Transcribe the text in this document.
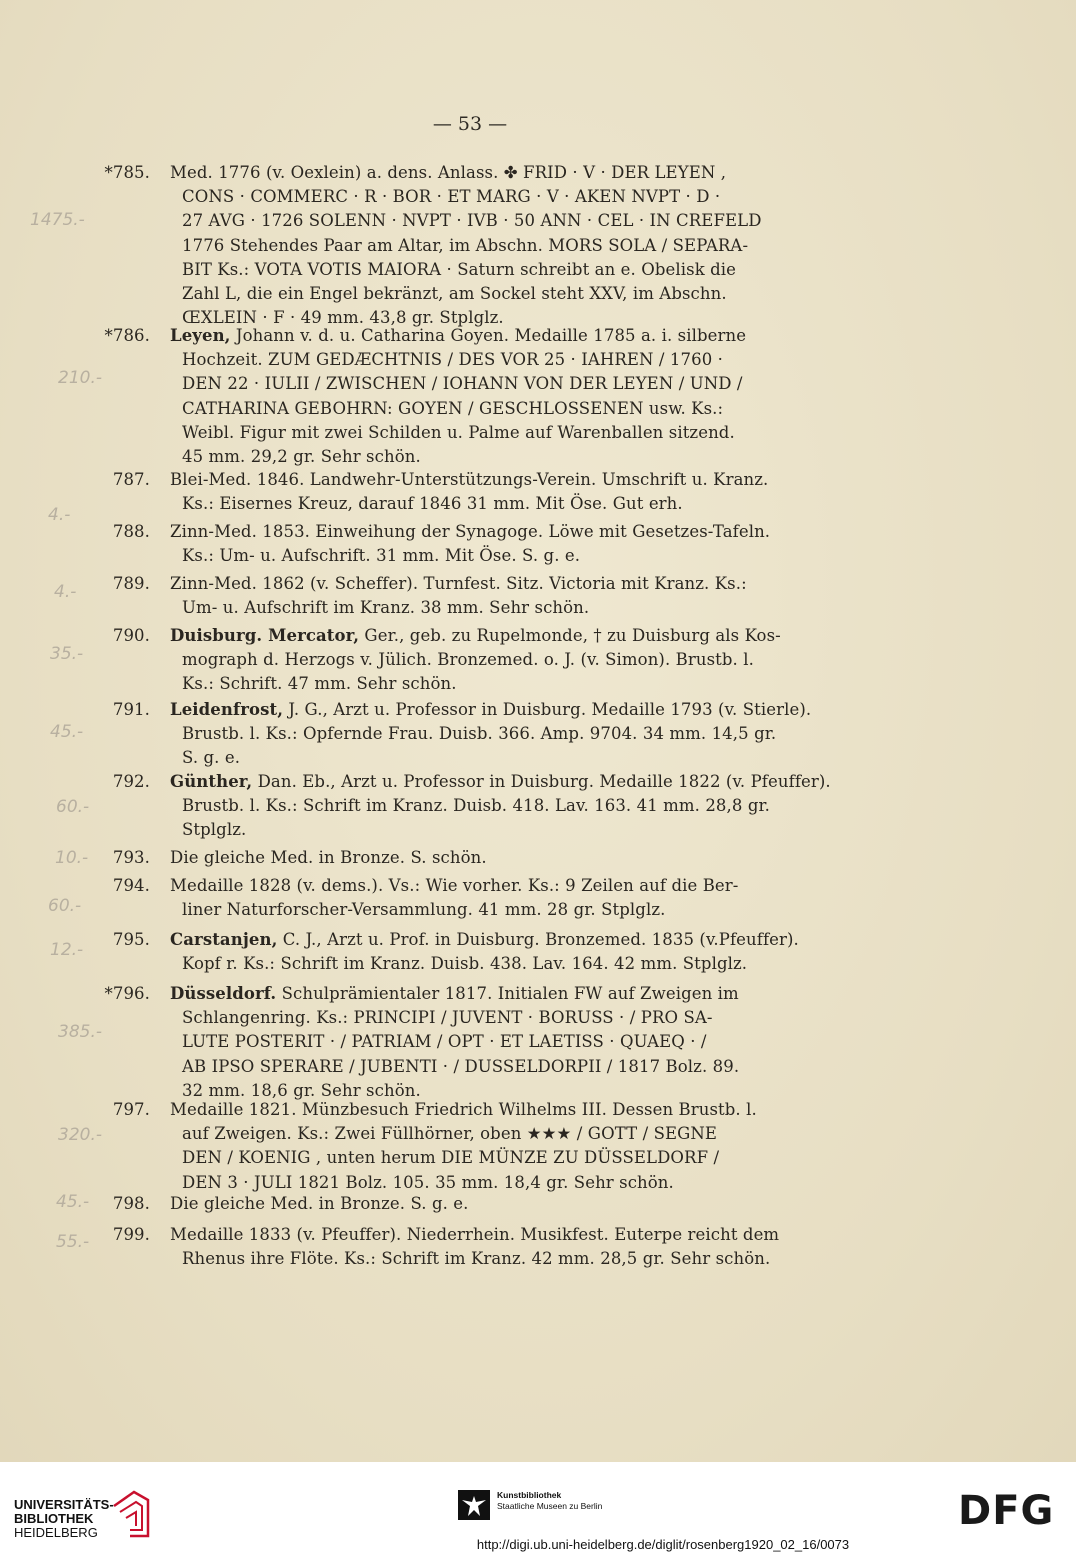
— 53 —
*785. Med. 1776 (v. Oexlein) a. dens. Anlass. ✤ FRID · V · DER LEYEN ,
CONS · COMMERC · R · BOR · ET MARG · V · AKEN NVPT · D ·
27 AVG · 1726 SOLENN · NVPT · IVB · 50 ANN · CEL · IN CREFELD
1776 Stehendes Paar am Altar, im Abschn. MORS SOLA / SEPARA-
BIT Ks.: VOTA VOTIS MAIORA · Saturn schreibt an e. Obelisk die
Zahl L, die ein Engel bekränzt, am Sockel steht XXV, im Abschn.
ŒXLEIN · F · 49 mm. 43,8 gr. Stplglz.
*786. Leyen, Johann v. d. u. Catharina Goyen. Medaille 1785 a. i. silberne
Hochzeit. ZUM GEDÆCHTNIS / DES VOR 25 · IAHREN / 1760 ·
DEN 22 · IULII / ZWISCHEN / IOHANN VON DER LEYEN / UND /
CATHARINA GEBOHRN: GOYEN / GESCHLOSSENEN usw. Ks.:
Weibl. Figur mit zwei Schilden u. Palme auf Warenballen sitzend.
45 mm. 29,2 gr. Sehr schön.
787. Blei-Med. 1846. Landwehr-Unterstützungs-Verein. Umschrift u. Kranz.
Ks.: Eisernes Kreuz, darauf 1846 31 mm. Mit Öse. Gut erh.
788. Zinn-Med. 1853. Einweihung der Synagoge. Löwe mit Gesetzes-Tafeln.
Ks.: Um- u. Aufschrift. 31 mm. Mit Öse. S. g. e.
789. Zinn-Med. 1862 (v. Scheffer). Turnfest. Sitz. Victoria mit Kranz. Ks.:
Um- u. Aufschrift im Kranz. 38 mm. Sehr schön.
790. Duisburg. Mercator, Ger., geb. zu Rupelmonde, † zu Duisburg als Kos-
mograph d. Herzogs v. Jülich. Bronzemed. o. J. (v. Simon). Brustb. l.
Ks.: Schrift. 47 mm. Sehr schön.
791. Leidenfrost, J. G., Arzt u. Professor in Duisburg. Medaille 1793 (v. Stierle).
Brustb. l. Ks.: Opfernde Frau. Duisb. 366. Amp. 9704. 34 mm. 14,5 gr.
S. g. e.
792. Günther, Dan. Eb., Arzt u. Professor in Duisburg. Medaille 1822 (v. Pfeuffer).
Brustb. l. Ks.: Schrift im Kranz. Duisb. 418. Lav. 163. 41 mm. 28,8 gr.
Stplglz.
793. Die gleiche Med. in Bronze. S. schön.
794. Medaille 1828 (v. dems.). Vs.: Wie vorher. Ks.: 9 Zeilen auf die Ber-
liner Naturforscher-Versammlung. 41 mm. 28 gr. Stplglz.
795. Carstanjen, C. J., Arzt u. Prof. in Duisburg. Bronzemed. 1835 (v.Pfeuffer).
Kopf r. Ks.: Schrift im Kranz. Duisb. 438. Lav. 164. 42 mm. Stplglz.
*796. Düsseldorf. Schulprämientaler 1817. Initialen FW auf Zweigen im
Schlangenring. Ks.: PRINCIPI / JUVENT · BORUSS · / PRO SA-
LUTE POSTERIT · / PATRIAM / OPT · ET LAETISS · QUAEQ · /
AB IPSO SPERARE / JUBENTI · / DUSSELDORPII / 1817 Bolz. 89.
32 mm. 18,6 gr. Sehr schön.
797. Medaille 1821. Münzbesuch Friedrich Wilhelms III. Dessen Brustb. l.
auf Zweigen. Ks.: Zwei Füllhörner, oben ★★★ / GOTT / SEGNE
DEN / KOENIG , unten herum DIE MÜNZE ZU DÜSSELDORF /
DEN 3 · JULI 1821 Bolz. 105. 35 mm. 18,4 gr. Sehr schön.
798. Die gleiche Med. in Bronze. S. g. e.
799. Medaille 1833 (v. Pfeuffer). Niederrhein. Musikfest. Euterpe reicht dem
Rhenus ihre Flöte. Ks.: Schrift im Kranz. 42 mm. 28,5 gr. Sehr schön.
1475.-
210.-
4.-
4.-
35.-
45.-
60.-
10.-
60.-
12.-
385.-
320.-
45.-
55.-
UNIVERSITÄTS-
BIBLIOTHEK
HEIDELBERG
Kunstbibliothek
Staatliche Museen zu Berlin	DFG
http://digi.ub.uni-heidelberg.de/diglit/rosenberg1920_02_16/0073
